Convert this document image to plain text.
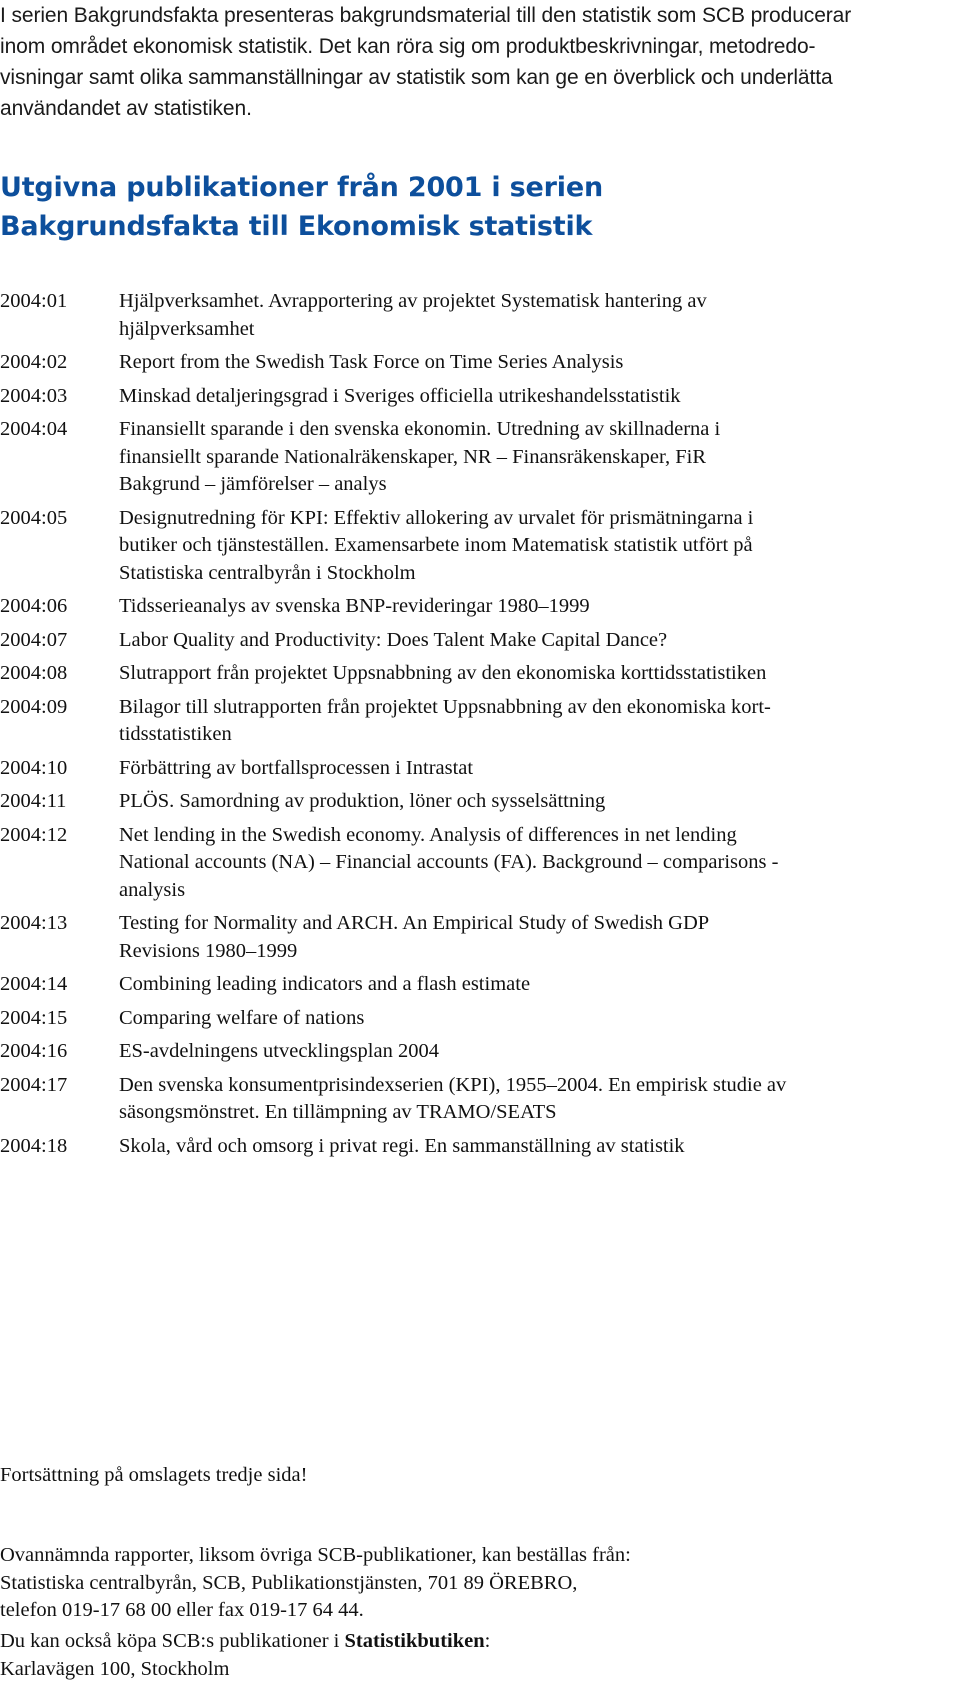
I serien Bakgrundsfakta presenteras bakgrundsmaterial till den statistik som SCB producerar
inom området ekonomisk statistik. Det kan röra sig om produktbeskrivningar, metodredo-
visningar samt olika sammanställningar av statistik som kan ge en överblick och underlätta
användandet av statistiken.

Utgivna publikationer från 2001 i serien
Bakgrundsfakta till Ekonomisk statistik
2004:01	Hjälpverksamhet. Avrapportering av projektet Systematisk hantering av
hjälpverksamhet
2004:02	Report from the Swedish Task Force on Time Series Analysis
2004:03	Minskad detaljeringsgrad i Sveriges officiella utrikeshandelsstatistik
2004:04	Finansiellt sparande i den svenska ekonomin. Utredning av skillnaderna i
finansiellt sparande Nationalräkenskaper, NR – Finansräkenskaper, FiR
Bakgrund – jämförelser – analys
2004:05	Designutredning för KPI: Effektiv allokering av urvalet för prismätningarna i
butiker och tjänsteställen. Examensarbete inom Matematisk statistik utfört på
Statistiska centralbyrån i Stockholm
2004:06	Tidsserieanalys av svenska BNP-revideringar 1980–1999
2004:07	Labor Quality and Productivity: Does Talent Make Capital Dance?
2004:08	Slutrapport från projektet Uppsnabbning av den ekonomiska korttidsstatistiken
2004:09	Bilagor till slutrapporten från projektet Uppsnabbning av den ekonomiska kort-
tidsstatistiken
2004:10	Förbättring av bortfallsprocessen i Intrastat
2004:11	PLÖS. Samordning av produktion, löner och sysselsättning
2004:12	Net lending in the Swedish economy. Analysis of differences in net lending
National accounts (NA) – Financial accounts (FA). Background – comparisons -
analysis
2004:13	Testing for Normality and ARCH. An Empirical Study of Swedish GDP
Revisions 1980–1999
2004:14	Combining leading indicators and a flash estimate
2004:15	Comparing welfare of nations
2004:16	ES-avdelningens utvecklingsplan 2004
2004:17	Den svenska konsumentprisindexserien (KPI), 1955–2004. En empirisk studie av
säsongsmönstret. En tillämpning av TRAMO/SEATS
2004:18	Skola, vård och omsorg i privat regi. En sammanställning av statistik
Fortsättning på omslagets tredje sida!
Ovannämnda rapporter, liksom övriga SCB-publikationer, kan beställas från:
Statistiska centralbyrån, SCB, Publikationstjänsten, 701 89 ÖREBRO,
telefon 019-17 68 00 eller fax 019-17 64 44.
Du kan också köpa SCB:s publikationer i Statistikbutiken:
Karlavägen 100, Stockholm
